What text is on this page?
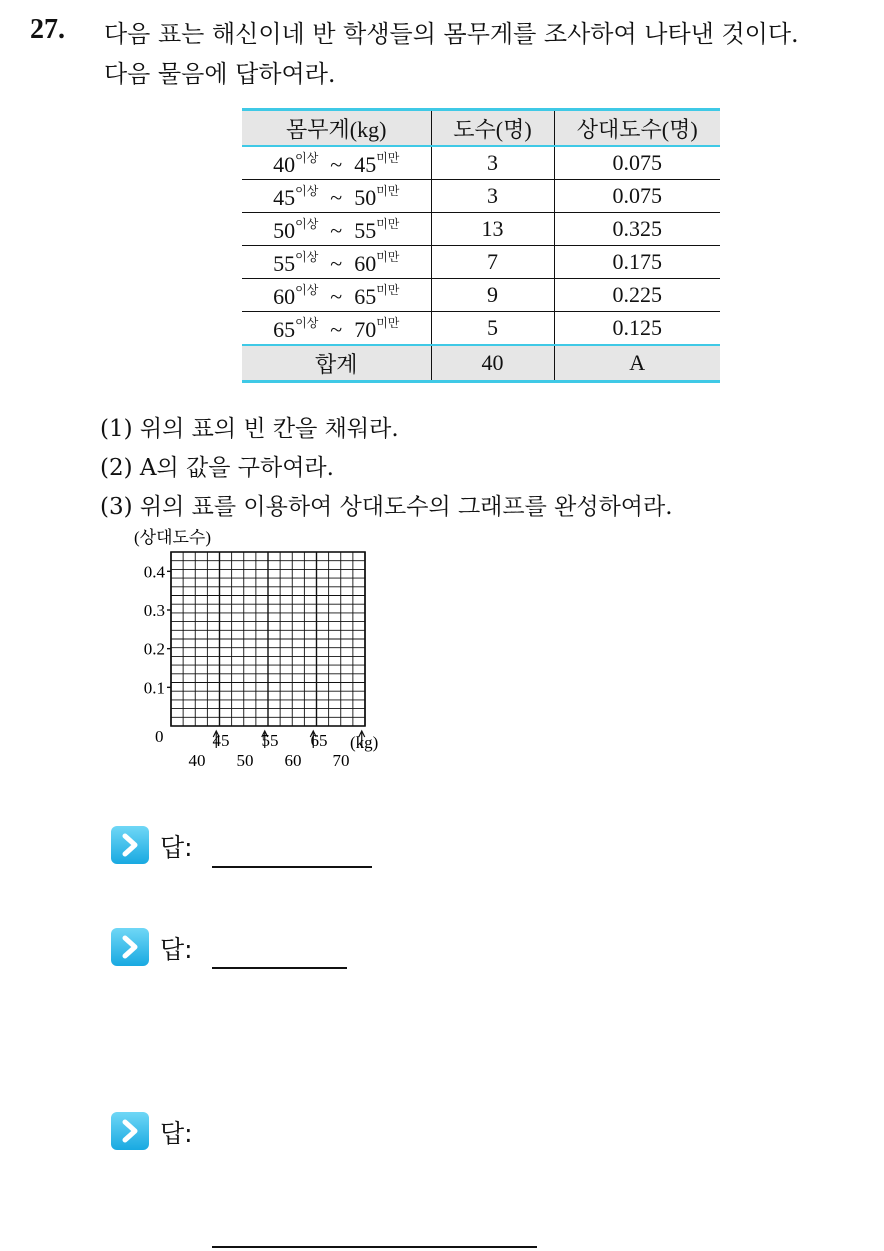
27. 다음 표는 해신이네 반 학생들의 몸무게를 조사하여 나타낸 것이다.
다음 물음에 답하여라.
몸무게(kg)	도수(명)	상대도수(명)
$40^{이상}$ ~ $45^{미만}$	3	0.075
$45^{이상}$ ~ $50^{미만}$	3	0.075
$50^{이상}$ ~ $55^{미만}$	13	0.325
$55^{이상}$ ~ $60^{미만}$	7	0.175
$60^{이상}$ ~ $65^{미만}$	9	0.225
$65^{이상}$ ~ $70^{미만}$	5	0.125
합계	40	A
(1) 위의 표의 빈 칸을 채워라.
(2) A의 값을 구하여라.
(3) 위의 표를 이용하여 상대도수의 그래프를 완성하여라.
(상대도수)
0.4
0.3
0.2
0.1
0	45 55 65
40 50 60 70
(kg)
답:
답:
답:
